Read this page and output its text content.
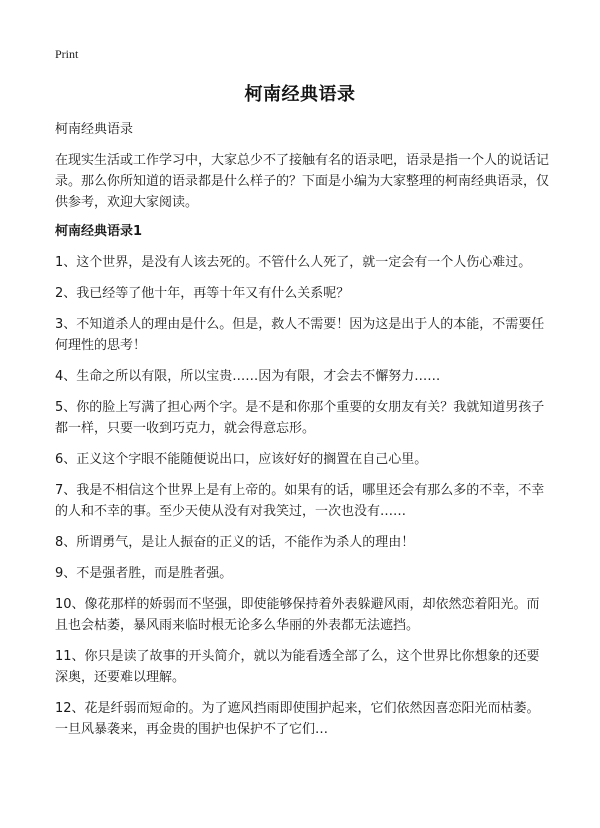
Print
柯南经典语录

柯南经典语录

在现实生活或工作学习中，大家总少不了接触有名的语录吧，语录是指一个人的说话记录。那么你所知道的语录都是什么样子的？下面是小编为大家整理的柯南经典语录，仅供参考，欢迎大家阅读。

柯南经典语录1

1、这个世界，是没有人该去死的。不管什么人死了，就一定会有一个人伤心难过。

2、我已经等了他十年，再等十年又有什么关系呢？

3、不知道杀人的理由是什么。但是，救人不需要！因为这是出于人的本能，不需要任何理性的思考！

4、生命之所以有限，所以宝贵……因为有限，才会去不懈努力……

5、你的脸上写满了担心两个字。是不是和你那个重要的女朋友有关？我就知道男孩子都一样，只要一收到巧克力，就会得意忘形。

6、正义这个字眼不能随便说出口，应该好好的搁置在自己心里。

7、我是不相信这个世界上是有上帝的。如果有的话，哪里还会有那么多的不幸，不幸的人和不幸的事。至少天使从没有对我笑过，一次也没有……

8、所谓勇气，是让人振奋的正义的话，不能作为杀人的理由！

9、不是强者胜，而是胜者强。

10、像花那样的娇弱而不坚强，即使能够保持着外表躲避风雨，却依然恋着阳光。而且也会枯萎，暴风雨来临时根无论多么华丽的外表都无法遮挡。

11、你只是读了故事的开头简介，就以为能看透全部了么，这个世界比你想象的还要深奥，还要难以理解。

12、花是纤弱而短命的。为了遮风挡雨即使围护起来，它们依然因喜恋阳光而枯萎。一旦风暴袭来，再金贵的围护也保护不了它们…
